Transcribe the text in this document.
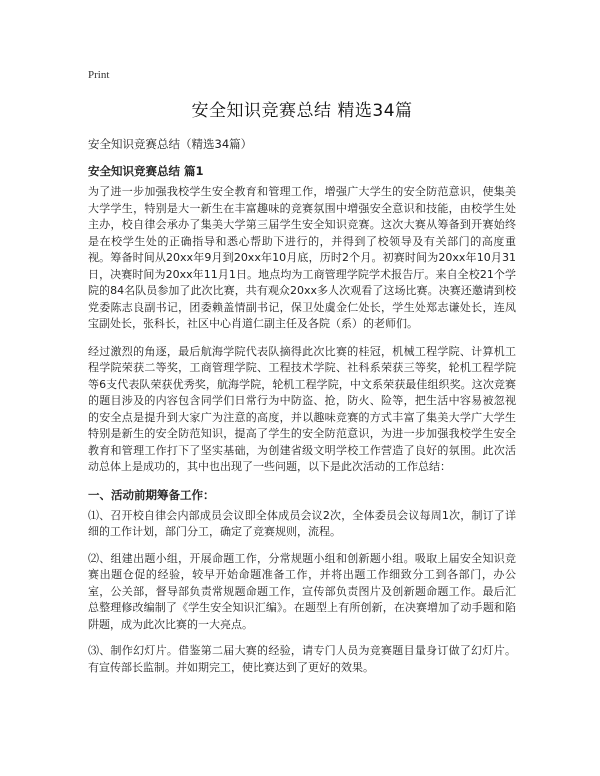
Print
安全知识竞赛总结 精选34篇
安全知识竞赛总结（精选34篇）
安全知识竞赛总结 篇1

为了进一步加强我校学生安全教育和管理工作，增强广大学生的安全防范意识，使集美大学学生，特别是大一新生在丰富趣味的竞赛氛围中增强安全意识和技能，由校学生处主办，校自律会承办了集美大学第三届学生安全知识竞赛。这次大赛从筹备到开赛始终是在校学生处的正确指导和悉心帮助下进行的，并得到了校领导及有关部门的高度重视。筹备时间从20xx年9月到20xx年10月底，历时2个月。初赛时间为20xx年10月31日，决赛时间为20xx年11月1日。地点均为工商管理学院学术报告厅。来自全校21个学院的84名队员参加了此次比赛，共有观众20xx多人次观看了这场比赛。决赛还邀请到校党委陈志良副书记，团委赖盖情副书记，保卫处虞金仁处长，学生处郑志谦处长，连凤宝副处长，张科长，社区中心肖道仁副主任及各院（系）的老师们。

经过激烈的角逐，最后航海学院代表队摘得此次比赛的桂冠，机械工程学院、计算机工程学院荣获二等奖，工商管理学院、工程技术学院、社科系荣获三等奖，轮机工程学院等6支代表队荣获优秀奖，航海学院，轮机工程学院，中文系荣获最佳组织奖。这次竞赛的题目涉及的内容包含同学们日常行为中防盗、抢，防火、险等，把生活中容易被忽视的安全点是提升到大家广为注意的高度，并以趣味竞赛的方式丰富了集美大学广大学生特别是新生的安全防范知识，提高了学生的安全防范意识，为进一步加强我校学生安全教育和管理工作打下了坚实基础，为创建省级文明学校工作营造了良好的氛围。此次活动总体上是成功的，其中也出现了一些问题，以下是此次活动的工作总结：

一、活动前期筹备工作：

⑴、召开校自律会内部成员会议即全体成员会议2次，全体委员会议每周1次，制订了详细的工作计划，部门分工，确定了竞赛规则，流程。

⑵、组建出题小组，开展命题工作，分常规题小组和创新题小组。吸取上届安全知识竞赛出题仓促的经验，较早开始命题准备工作，并将出题工作细致分工到各部门，办公室，公关部，督导部负责常规题命题工作，宣传部负责图片及创新题命题工作。最后汇总整理修改编制了《学生安全知识汇编》。在题型上有所创新，在决赛增加了动手题和陷阱题，成为此次比赛的一大亮点。

⑶、制作幻灯片。借鉴第二届大赛的经验，请专门人员为竞赛题目量身订做了幻灯片。有宣传部长监制。并如期完工，使比赛达到了更好的效果。
